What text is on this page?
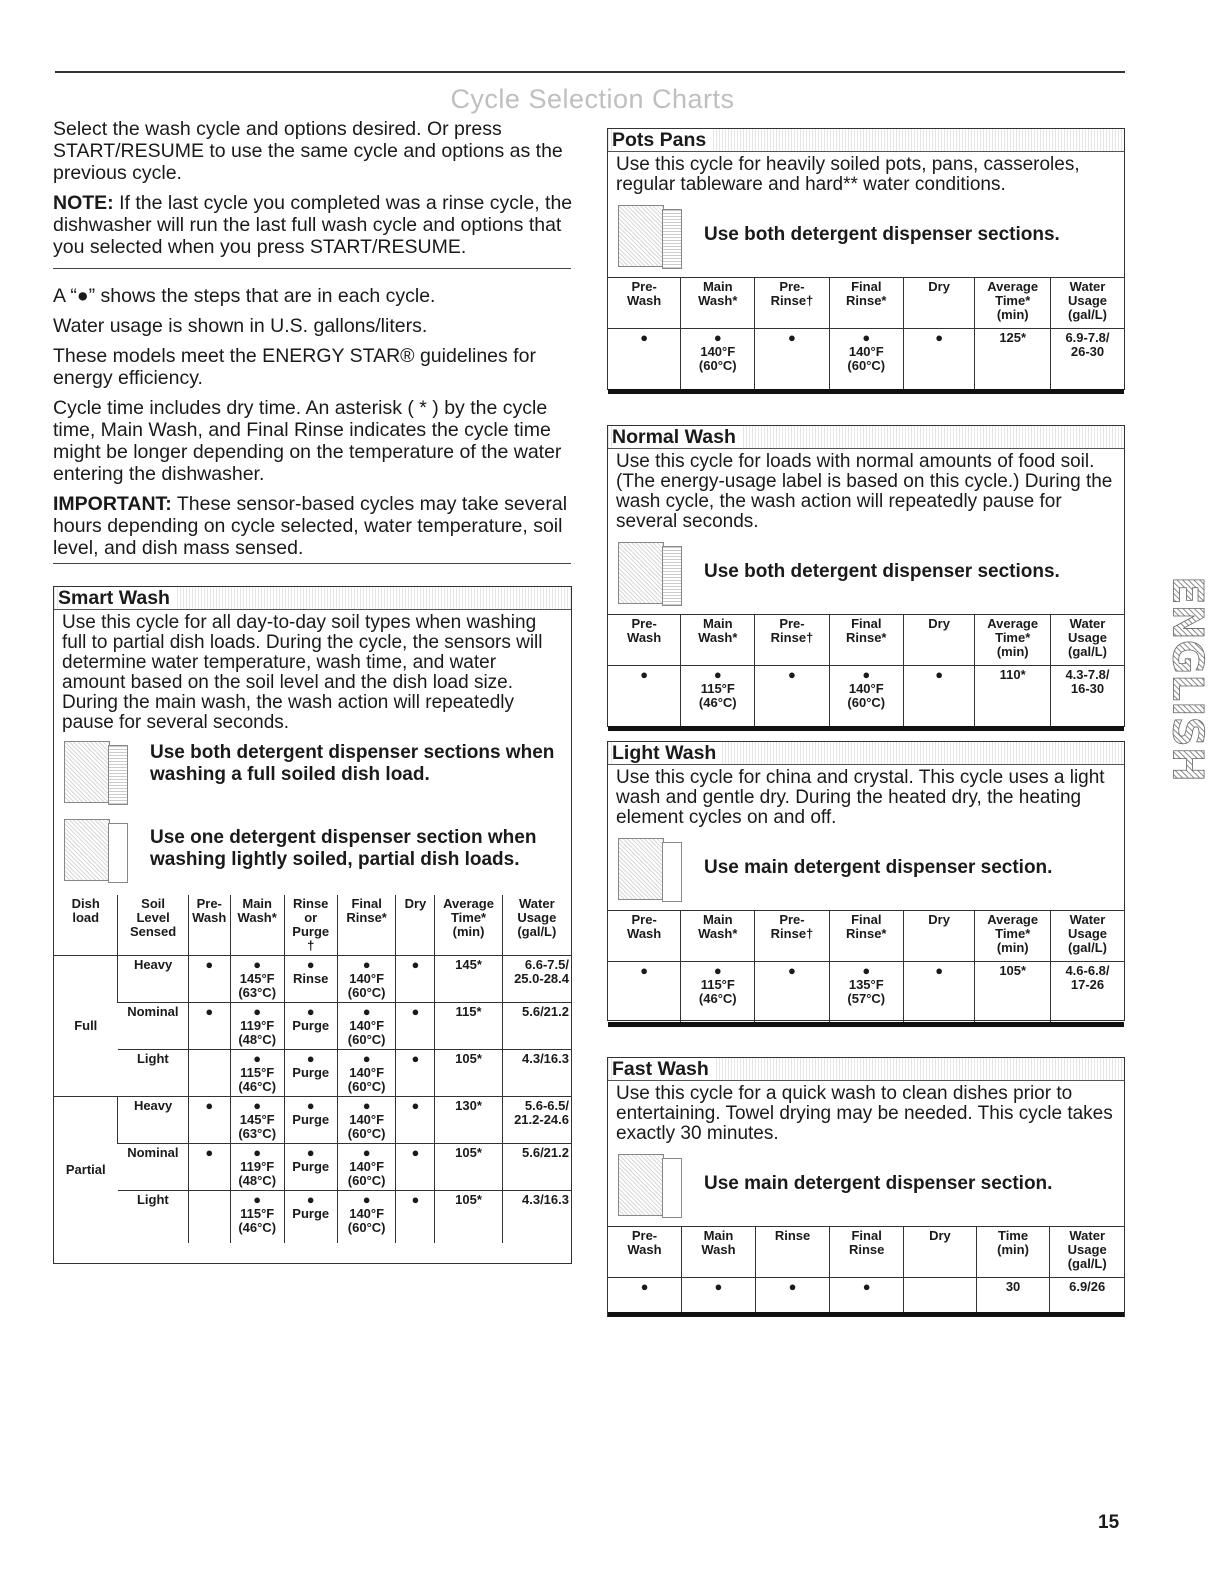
Cycle Selection Charts

Select the wash cycle and options desired. Or press START/RESUME to use the same cycle and options as the previous cycle.

NOTE: If the last cycle you completed was a rinse cycle, the dishwasher will run the last full wash cycle and options that you selected when you press START/RESUME.

A “●” shows the steps that are in each cycle.

Water usage is shown in U.S. gallons/liters.

These models meet the ENERGY STAR® guidelines for energy efficiency.

Cycle time includes dry time. An asterisk ( * ) by the cycle time, Main Wash, and Final Rinse indicates the cycle time might be longer depending on the temperature of the water entering the dishwasher.

IMPORTANT: These sensor-based cycles may take several hours depending on cycle selected, water temperature, soil level, and dish mass sensed.

Smart Wash
Use this cycle for all day-to-day soil types when washing full to partial dish loads. During the cycle, the sensors will determine water temperature, wash time, and water amount based on the soil level and the dish load size. During the main wash, the wash action will repeatedly pause for several seconds.
Use both detergent dispenser sections when washing a full soiled dish load.
Use one detergent dispenser section when washing lightly soiled, partial dish loads.
Dish
load	Soil
Level
Sensed	Pre-
Wash	Main
Wash*	Rinse
or
Purge
†	Final
Rinse*	Dry	Average
Time*
(min)	Water
Usage
(gal/L)
Full	Heavy	●	●
145°F
(63°C)	●
Rinse	●
140°F
(60°C)	●	145*	6.6-7.5/
25.0-28.4
	Nominal	●	●
119°F
(48°C)	●
Purge	●
140°F
(60°C)	●	115*	5.6/21.2
	Light		●
115°F
(46°C)	●
Purge	●
140°F
(60°C)	●	105*	4.3/16.3
Partial	Heavy	●	●
145°F
(63°C)	●
Purge	●
140°F
(60°C)	●	130*	5.6-6.5/
21.2-24.6
	Nominal	●	●
119°F
(48°C)	●
Purge	●
140°F
(60°C)	●	105*	5.6/21.2
	Light		●
115°F
(46°C)	●
Purge	●
140°F
(60°C)	●	105*	4.3/16.3
Pots Pans
Use this cycle for heavily soiled pots, pans, casseroles, regular tableware and hard** water conditions.
Use both detergent dispenser sections.
Pre-
Wash	Main
Wash*	Pre-
Rinse†	Final
Rinse*	Dry	Average
Time*
(min)	Water
Usage
(gal/L)
●	●
140°F
(60°C)	●	●
140°F
(60°C)	●	125*	6.9-7.8/
26-30
Normal Wash
Use this cycle for loads with normal amounts of food soil. (The energy-usage label is based on this cycle.) During the wash cycle, the wash action will repeatedly pause for several seconds.
Use both detergent dispenser sections.
Pre-
Wash	Main
Wash*	Pre-
Rinse†	Final
Rinse*	Dry	Average
Time*
(min)	Water
Usage
(gal/L)
●	●
115°F
(46°C)	●	●
140°F
(60°C)	●	110*	4.3-7.8/
16-30
Light Wash
Use this cycle for china and crystal. This cycle uses a light wash and gentle dry. During the heated dry, the heating element cycles on and off.
Use main detergent dispenser section.
Pre-
Wash	Main
Wash*	Pre-
Rinse†	Final
Rinse*	Dry	Average
Time*
(min)	Water
Usage
(gal/L)
●	●
115°F
(46°C)	●	●
135°F
(57°C)	●	105*	4.6-6.8/
17-26
Fast Wash
Use this cycle for a quick wash to clean dishes prior to entertaining. Towel drying may be needed. This cycle takes exactly 30 minutes.
Use main detergent dispenser section.
Pre-
Wash	Main
Wash	Rinse	Final
Rinse	Dry	Time
(min)	Water
Usage
(gal/L)
●	●	●	●		30	6.9/26
ENGLISH
15
